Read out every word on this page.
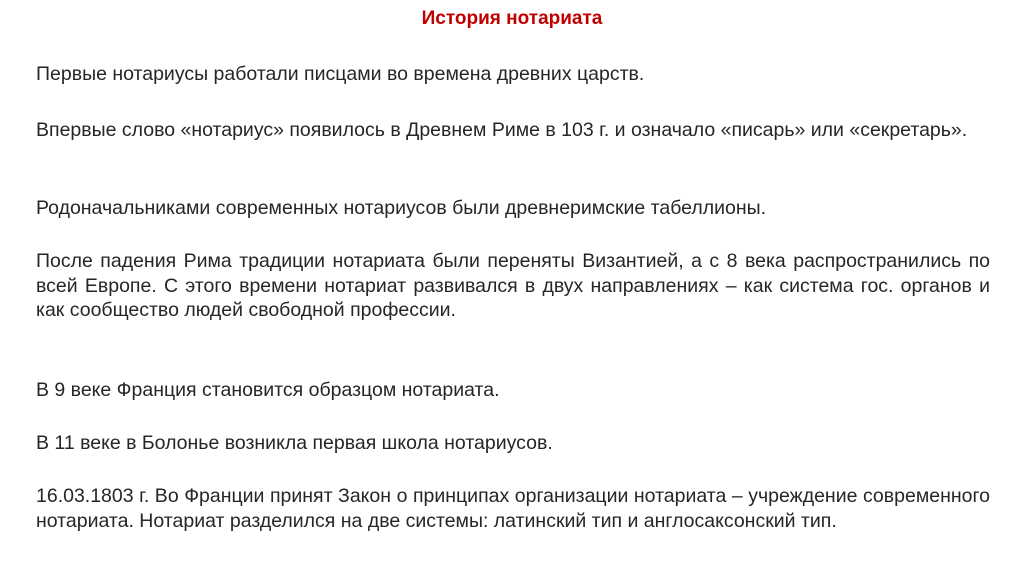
История нотариата

Первые нотариусы работали писцами во времена древних царств.

Впервые слово «нотариус» появилось в Древнем Риме в 103 г. и означало «писарь» или «секретарь».

Родоначальниками современных нотариусов были древнеримские табеллионы.

После падения Рима традиции нотариата были переняты Византией, а с 8 века распространились по всей Европе. С этого времени нотариат развивался в двух направлениях – как система гос. органов и как сообщество людей свободной профессии.

В 9 веке Франция становится образцом нотариата.

В 11 веке в Болонье возникла первая школа нотариусов.

16.03.1803 г. Во Франции принят Закон о принципах организации нотариата – учреждение современного нотариата. Нотариат разделился на две системы: латинский тип и англосаксонский тип.
